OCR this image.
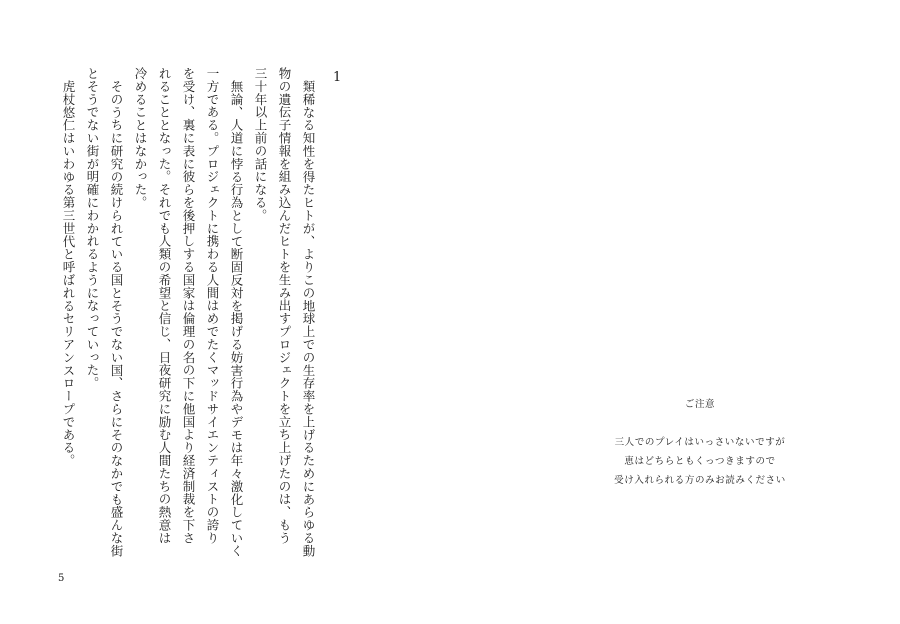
1

類稀なる知性を得たヒトが、よりこの地球上での生存率を上げるためにあらゆる動物の遺伝子情報を組み込んだヒトを生み出すプロジェクトを立ち上げたのは、もう三十年以上前の話になる。

無論、人道に悖る行為として断固反対を掲げる妨害行為やデモは年々激化していく一方である。プロジェクトに携わる人間はめでたくマッドサイエンティストの誇りを受け、裏に表に彼らを後押しする国家は倫理の名の下に他国より経済制裁を下されることとなった。それでも人類の希望と信じ、日夜研究に励む人間たちの熱意は冷めることはなかった。

そのうちに研究の続けられている国とそうでない国、さらにそのなかでも盛んな街とそうでない街が明確にわかれるようになっていった。

虎杖悠仁はいわゆる第三世代と呼ばれるセリアンスロープである。

5
ご注意
三人でのプレイはいっさいないですが
恵はどちらともくっつきますので
受け入れられる方のみお読みください
